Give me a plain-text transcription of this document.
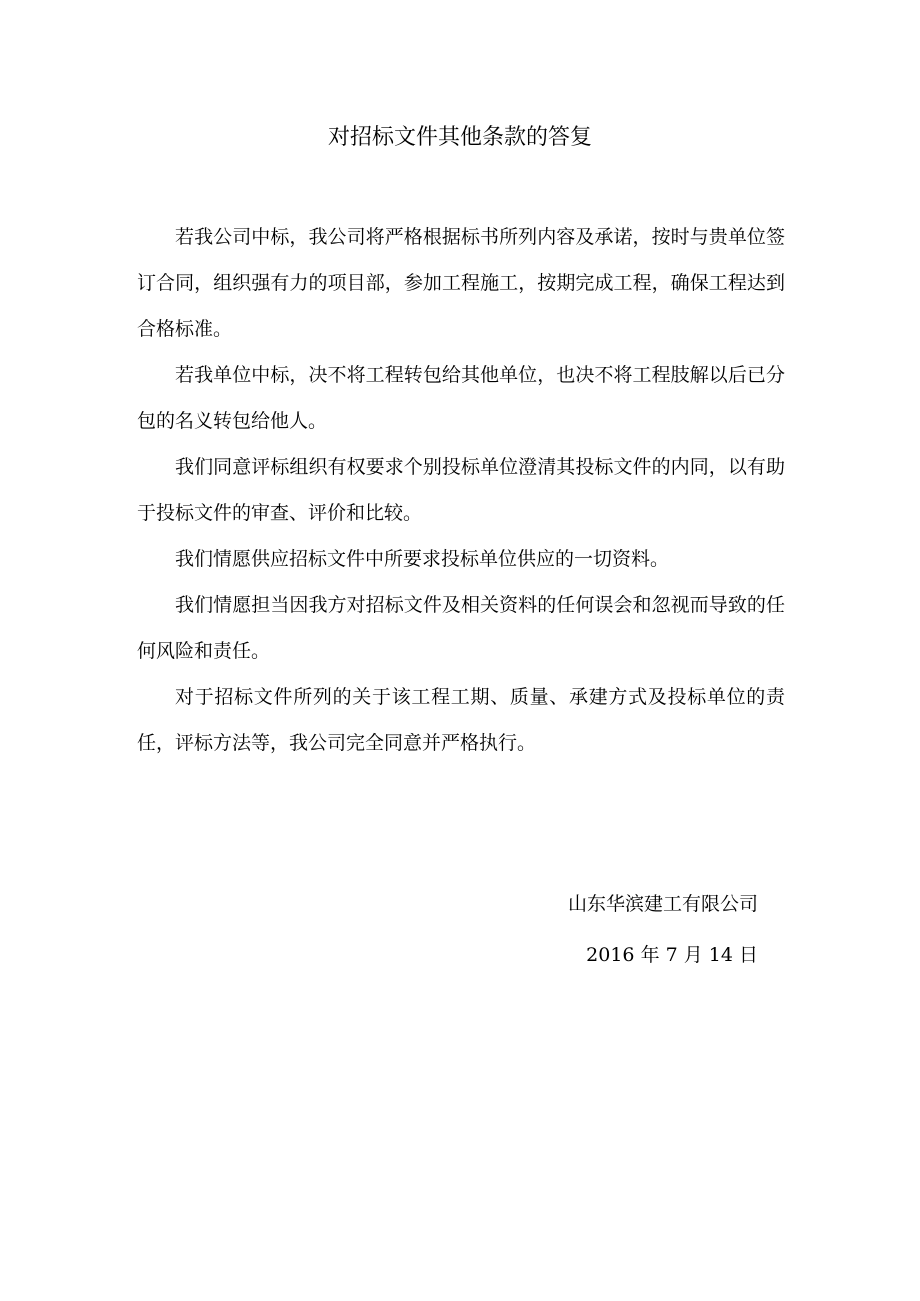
对招标文件其他条款的答复

若我公司中标，我公司将严格根据标书所列内容及承诺，按时与贵单位签订合同，组织强有力的项目部，参加工程施工，按期完成工程，确保工程达到合格标准。

若我单位中标，决不将工程转包给其他单位，也决不将工程肢解以后已分包的名义转包给他人。

我们同意评标组织有权要求个别投标单位澄清其投标文件的内同，以有助于投标文件的审查、评价和比较。

我们情愿供应招标文件中所要求投标单位供应的一切资料。

我们情愿担当因我方对招标文件及相关资料的任何误会和忽视而导致的任何风险和责任。

对于招标文件所列的关于该工程工期、质量、承建方式及投标单位的责任，评标方法等，我公司完全同意并严格执行。

山东华滨建工有限公司
2016 年 7 月 14 日
